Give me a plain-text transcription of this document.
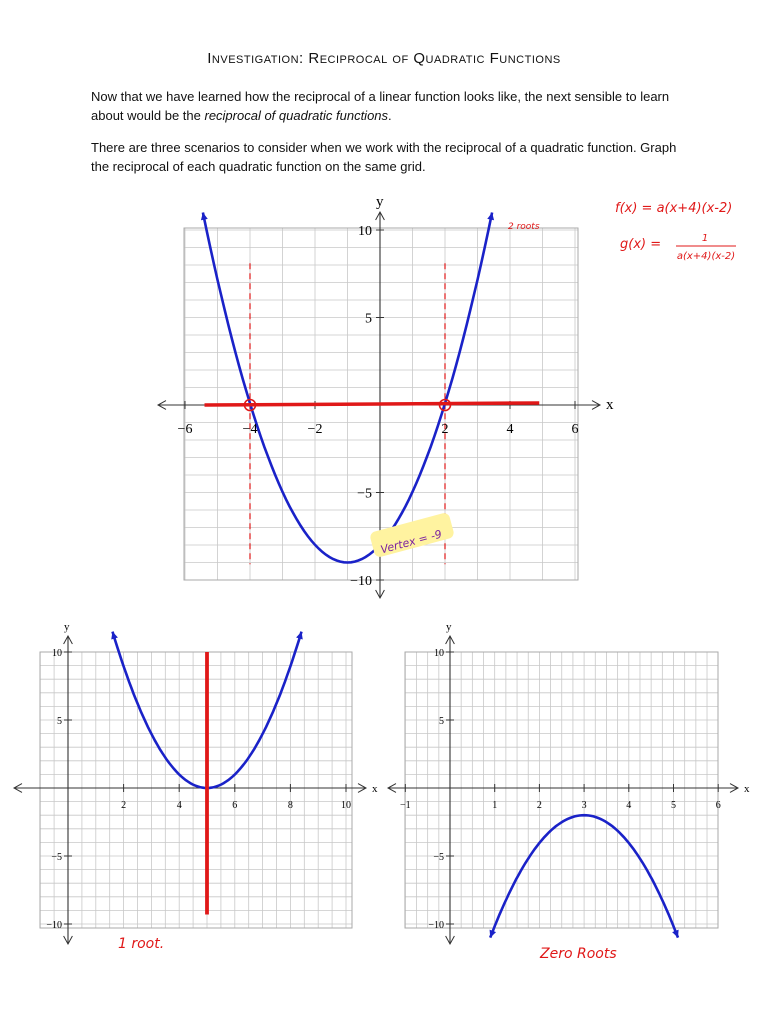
Investigation: Reciprocal of Quadratic Functions
Now that we have learned how the reciprocal of a linear function looks like, the next sensible to learn about would be the reciprocal of quadratic functions.
There are three scenarios to consider when we work with the reciprocal of a quadratic function. Graph the reciprocal of each quadratic function on the same grid.
x
y
−6	−4	−2	2	4	6
10
5
−5
−10
x
y
2	4	6	8	10
10
5
−5
−10
x
y
−1	1	2	3	4	5	6
10
5
−5
−10
f(x) = a(x+4)(x-2)
g(x) =	1
a(x+4)(x-2)
2 roots
Vertex = -9
1 root.
Zero Roots
